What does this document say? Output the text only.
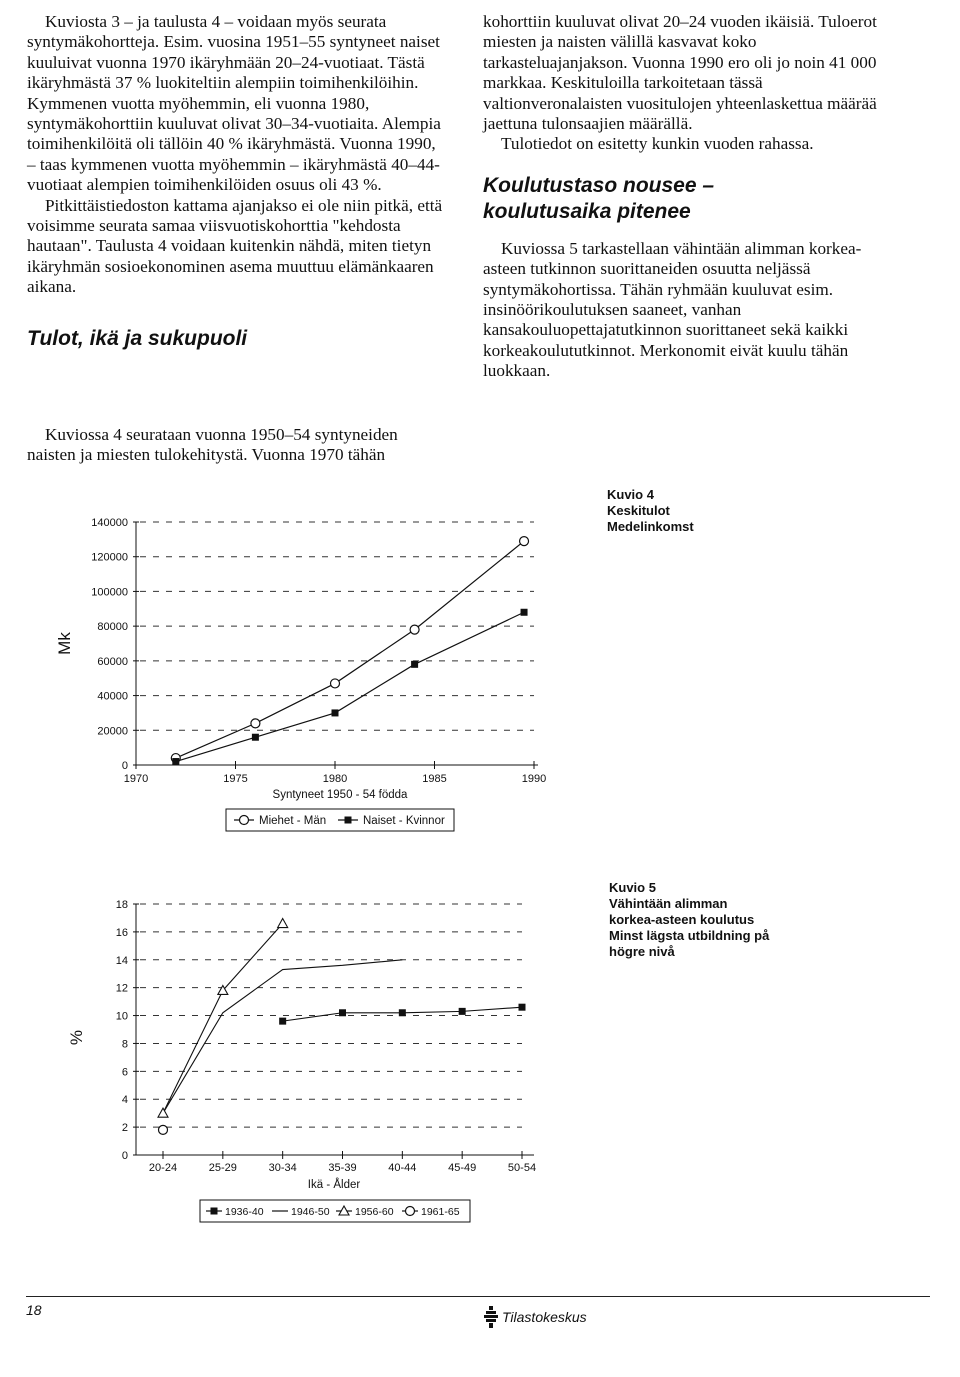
Kuviosta 3 – ja taulusta 4 – voidaan myös seurata syntymäkohortteja. Esim. vuosina 1951–55 syntyneet naiset kuuluivat vuonna 1970 ikäryhmään 20–24-vuotiaat. Tästä ikäryhmästä 37 % luokiteltiin alempiin toimihenkilöihin. Kymmenen vuotta myöhemmin, eli vuonna 1980, syntymäkohorttiin kuuluvat olivat 30–34-vuotiaita. Alempia toimihenkilöitä oli tällöin 40 % ikäryhmästä. Vuonna 1990, – taas kymmenen vuotta myöhemmin – ikäryhmästä 40–44-vuotiaat alempien toimihenkilöiden osuus oli 43 %.

Pitkittäistiedoston kattama ajanjakso ei ole niin pitkä, että voisimme seurata samaa viisvuotiskohorttia "kehdosta hautaan". Taulusta 4 voidaan kuitenkin nähdä, miten tietyn ikäryhmän sosioekonominen asema muuttuu elämänkaaren aikana.

Tulot, ikä ja sukupuoli

Kuviossa 4 seurataan vuonna 1950–54 syntyneiden naisten ja miesten tulokehitystä. Vuonna 1970 tähän

kohorttiin kuuluvat olivat 20–24 vuoden ikäisiä. Tuloerot miesten ja naisten välillä kasvavat koko tarkasteluajanjakson. Vuonna 1990 ero oli jo noin 41 000 markkaa. Keskituloilla tarkoitetaan tässä valtionveronalaisten vuositulojen yhteenlaskettua määrää jaettuna tulonsaajien määrällä.

Tulotiedot on esitetty kunkin vuoden rahassa.

Koulutustaso nousee – koulutusaika pitenee

Kuviossa 5 tarkastellaan vähintään alimman korkea-asteen tutkinnon suorittaneiden osuutta neljässä syntymäkohortissa. Tähän ryhmään kuuluvat esim. insinöörikoulutuksen saaneet, vanhan kansakouluopettajatutkinnon suorittaneet sekä kaikki korkeakoulututkinnot. Merkonomit eivät kuulu tähän luokkaan.

0
20000
40000
60000
80000
100000
120000
140000
1970	1975	1980	1985	1990
Syntyneet 1950 - 54 födda
Mk
Miehet - Män	Naiset - Kvinnor
Kuvio 4
Keskitulot
Medelinkomst
0
2
4
6
8
10
12
14
16
18
20-24	25-29	30-34	35-39	40-44	45-49	50-54
Ikä - Ålder
%
1936-40	1946-50 1956-60	1961-65
Kuvio 5
Vähintään alimman
korkea-asteen koulutus
Minst lägsta utbildning på
högre nivå
18	Tilastokeskus
